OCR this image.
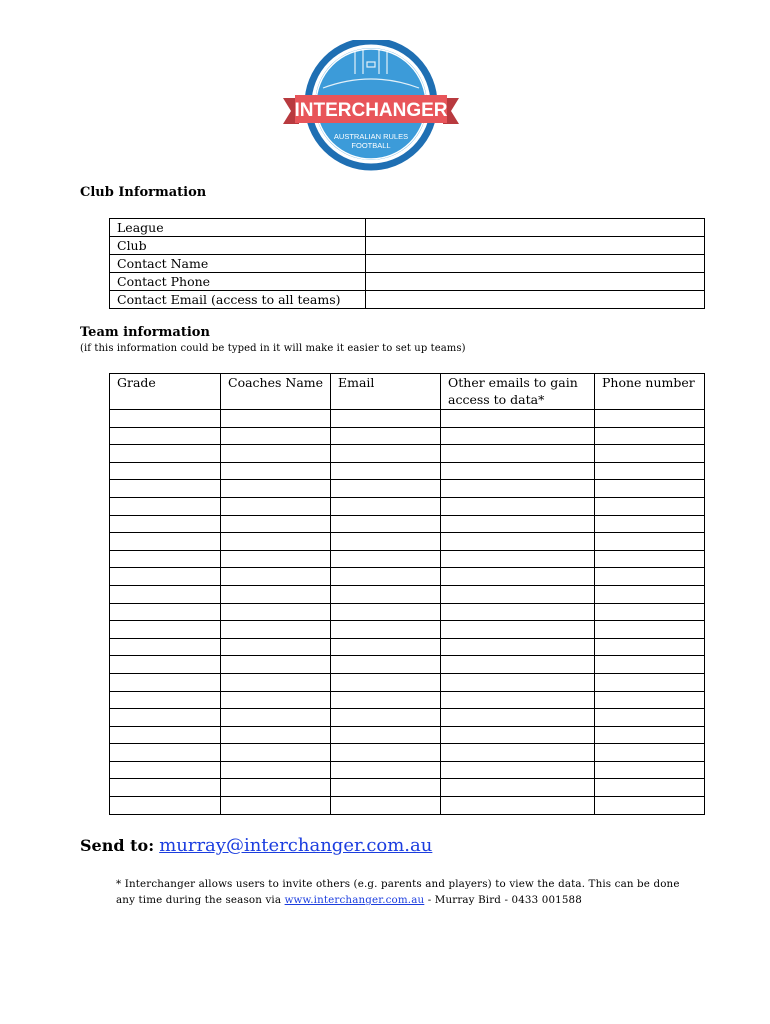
INTERCHANGER
AUSTRALIAN RULES
FOOTBALL
Club Information
League	
Club	
Contact Name	
Contact Phone	
Contact Email (access to all teams)	
Team information
(if this information could be typed in it will make it easier to set up teams)
Grade	Coaches Name	Email	Other emails to gain access to data*	Phone number

Send to: murray@interchanger.com.au
* Interchanger allows users to invite others (e.g. parents and players) to view the data. This can be done any time during the season via www.interchanger.com.au - Murray Bird - 0433 001588
